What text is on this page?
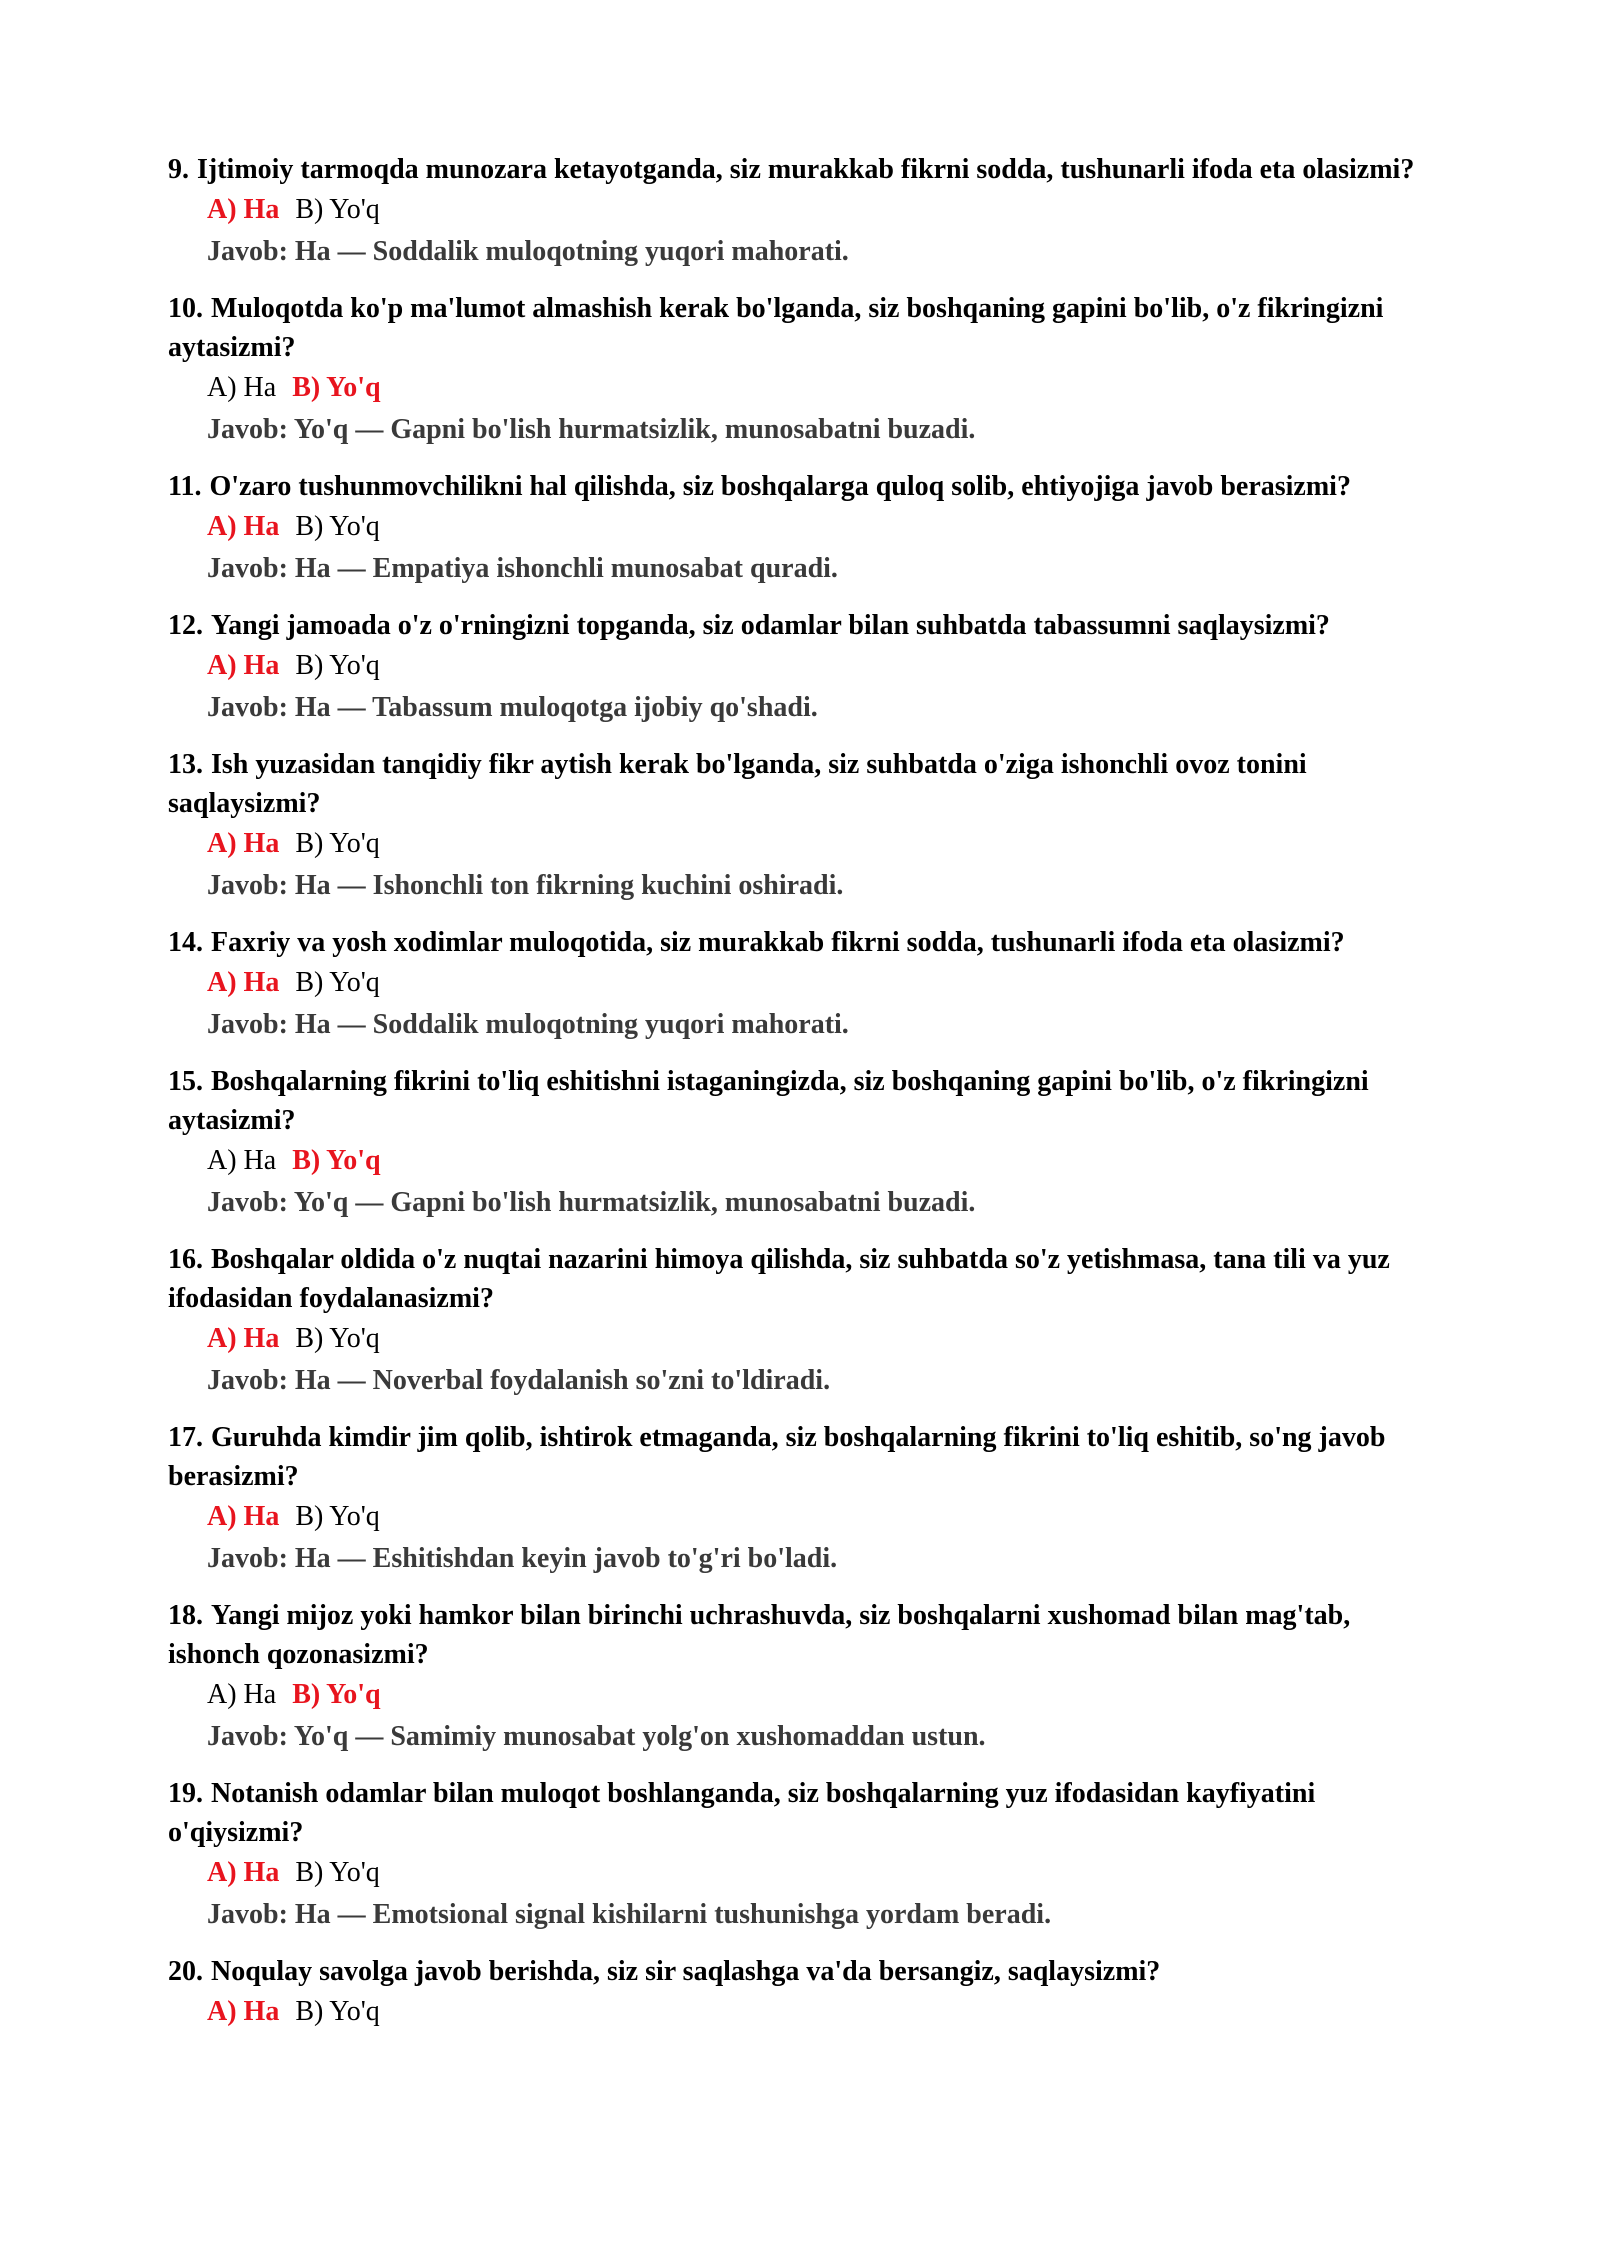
9. Ijtimoiy tarmoqda munozara ketayotganda, siz murakkab fikrni sodda, tushunarli ifoda eta olasizmi?

A) Ha B) Yo'q
Javob: Ha — Soddalik muloqotning yuqori mahorati.

10. Muloqotda ko'p ma'lumot almashish kerak bo'lganda, siz boshqaning gapini bo'lib, o'z fikringizni aytasizmi?

A) Ha B) Yo'q
Javob: Yo'q — Gapni bo'lish hurmatsizlik, munosabatni buzadi.

11. O'zaro tushunmovchilikni hal qilishda, siz boshqalarga quloq solib, ehtiyojiga javob berasizmi?

A) Ha B) Yo'q
Javob: Ha — Empatiya ishonchli munosabat quradi.

12. Yangi jamoada o'z o'rningizni topganda, siz odamlar bilan suhbatda tabassumni saqlaysizmi?

A) Ha B) Yo'q
Javob: Ha — Tabassum muloqotga ijobiy qo'shadi.

13. Ish yuzasidan tanqidiy fikr aytish kerak bo'lganda, siz suhbatda o'ziga ishonchli ovoz tonini saqlaysizmi?

A) Ha B) Yo'q
Javob: Ha — Ishonchli ton fikrning kuchini oshiradi.

14. Faxriy va yosh xodimlar muloqotida, siz murakkab fikrni sodda, tushunarli ifoda eta olasizmi?

A) Ha B) Yo'q
Javob: Ha — Soddalik muloqotning yuqori mahorati.

15. Boshqalarning fikrini to'liq eshitishni istaganingizda, siz boshqaning gapini bo'lib, o'z fikringizni aytasizmi?

A) Ha B) Yo'q
Javob: Yo'q — Gapni bo'lish hurmatsizlik, munosabatni buzadi.

16. Boshqalar oldida o'z nuqtai nazarini himoya qilishda, siz suhbatda so'z yetishmasa, tana tili va yuz ifodasidan foydalanasizmi?

A) Ha B) Yo'q
Javob: Ha — Noverbal foydalanish so'zni to'ldiradi.

17. Guruhda kimdir jim qolib, ishtirok etmaganda, siz boshqalarning fikrini to'liq eshitib, so'ng javob berasizmi?

A) Ha B) Yo'q
Javob: Ha — Eshitishdan keyin javob to'g'ri bo'ladi.

18. Yangi mijoz yoki hamkor bilan birinchi uchrashuvda, siz boshqalarni xushomad bilan mag'tab, ishonch qozonasizmi?

A) Ha B) Yo'q
Javob: Yo'q — Samimiy munosabat yolg'on xushomaddan ustun.

19. Notanish odamlar bilan muloqot boshlanganda, siz boshqalarning yuz ifodasidan kayfiyatini o'qiysizmi?

A) Ha B) Yo'q
Javob: Ha — Emotsional signal kishilarni tushunishga yordam beradi.

20. Noqulay savolga javob berishda, siz sir saqlashga va'da bersangiz, saqlaysizmi?

A) Ha B) Yo'q
